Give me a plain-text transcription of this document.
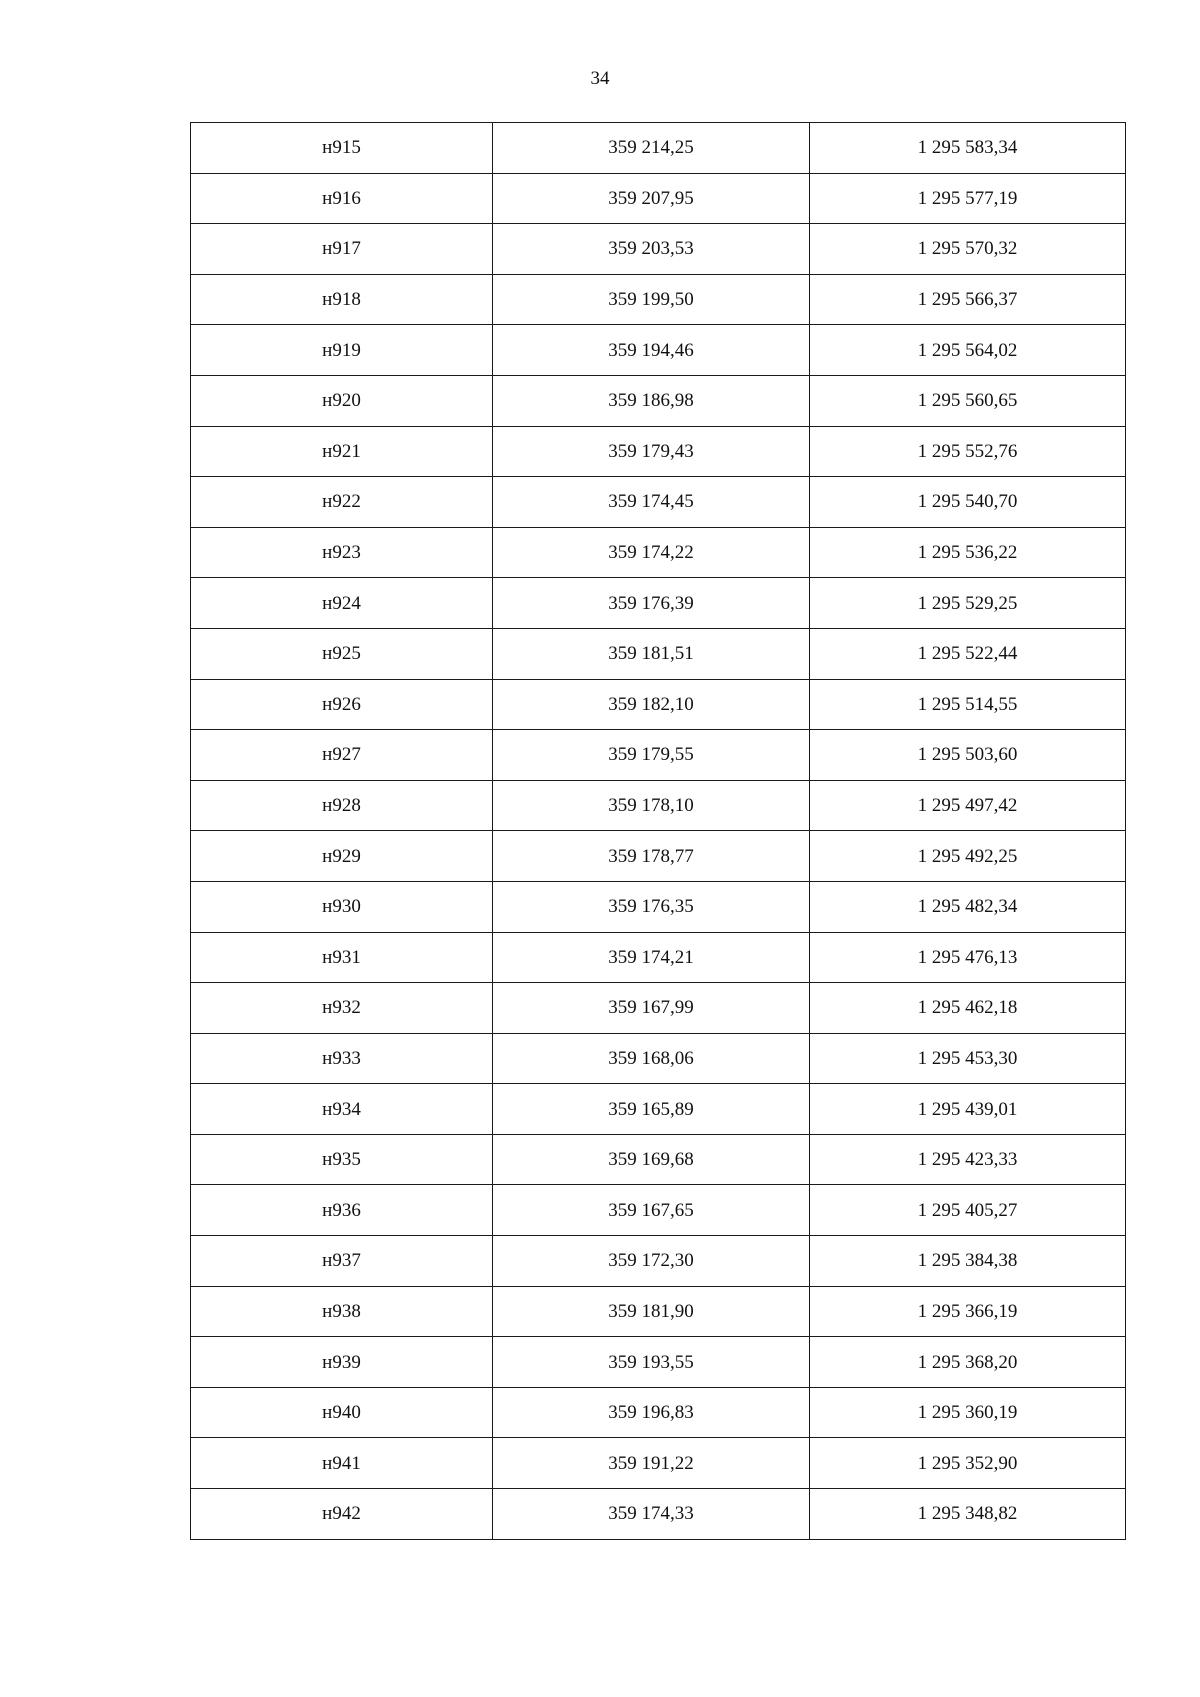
34
н915	359 214,25	1 295 583,34
н916	359 207,95	1 295 577,19
н917	359 203,53	1 295 570,32
н918	359 199,50	1 295 566,37
н919	359 194,46	1 295 564,02
н920	359 186,98	1 295 560,65
н921	359 179,43	1 295 552,76
н922	359 174,45	1 295 540,70
н923	359 174,22	1 295 536,22
н924	359 176,39	1 295 529,25
н925	359 181,51	1 295 522,44
н926	359 182,10	1 295 514,55
н927	359 179,55	1 295 503,60
н928	359 178,10	1 295 497,42
н929	359 178,77	1 295 492,25
н930	359 176,35	1 295 482,34
н931	359 174,21	1 295 476,13
н932	359 167,99	1 295 462,18
н933	359 168,06	1 295 453,30
н934	359 165,89	1 295 439,01
н935	359 169,68	1 295 423,33
н936	359 167,65	1 295 405,27
н937	359 172,30	1 295 384,38
н938	359 181,90	1 295 366,19
н939	359 193,55	1 295 368,20
н940	359 196,83	1 295 360,19
н941	359 191,22	1 295 352,90
н942	359 174,33	1 295 348,82
